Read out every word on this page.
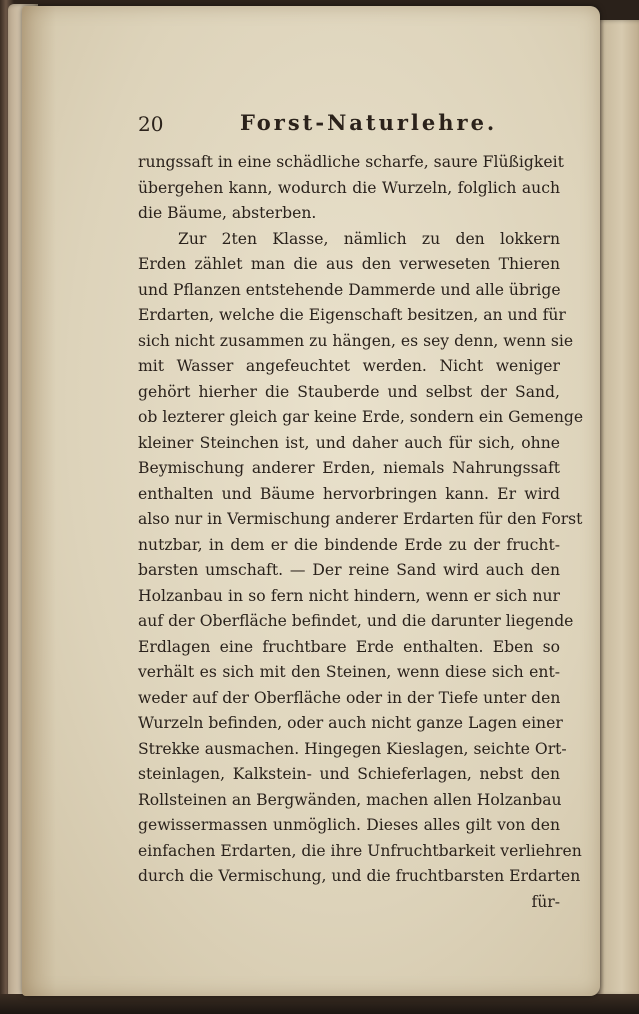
20	Forst-Naturlehre.
rungssaft in eine schädliche scharfe, saure Flüßigkeit
übergehen kann, wodurch die Wurzeln, folglich auch
die Bäume, absterben.
Zur 2ten Klasse, nämlich zu den lokkern
Erden zählet man die aus den verweseten Thieren
und Pflanzen entstehende Dammerde und alle übrige
Erdarten, welche die Eigenschaft besitzen, an und für
sich nicht zusammen zu hängen, es sey denn, wenn sie
mit Wasser angefeuchtet werden. Nicht weniger
gehört hierher die Stauberde und selbst der Sand,
ob lezterer gleich gar keine Erde, sondern ein Gemenge
kleiner Steinchen ist, und daher auch für sich, ohne
Beymischung anderer Erden, niemals Nahrungssaft
enthalten und Bäume hervorbringen kann. Er wird
also nur in Vermischung anderer Erdarten für den Forst
nutzbar, in dem er die bindende Erde zu der frucht-
barsten umschaft. — Der reine Sand wird auch den
Holzanbau in so fern nicht hindern, wenn er sich nur
auf der Oberfläche befindet, und die darunter liegende
Erdlagen eine fruchtbare Erde enthalten. Eben so
verhält es sich mit den Steinen, wenn diese sich ent-
weder auf der Oberfläche oder in der Tiefe unter den
Wurzeln befinden, oder auch nicht ganze Lagen einer
Strekke ausmachen. Hingegen Kieslagen, seichte Ort-
steinlagen, Kalkstein- und Schieferlagen, nebst den
Rollsteinen an Bergwänden, machen allen Holzanbau
gewissermassen unmöglich. Dieses alles gilt von den
einfachen Erdarten, die ihre Unfruchtbarkeit verliehren
durch die Vermischung, und die fruchtbarsten Erdarten
für-
